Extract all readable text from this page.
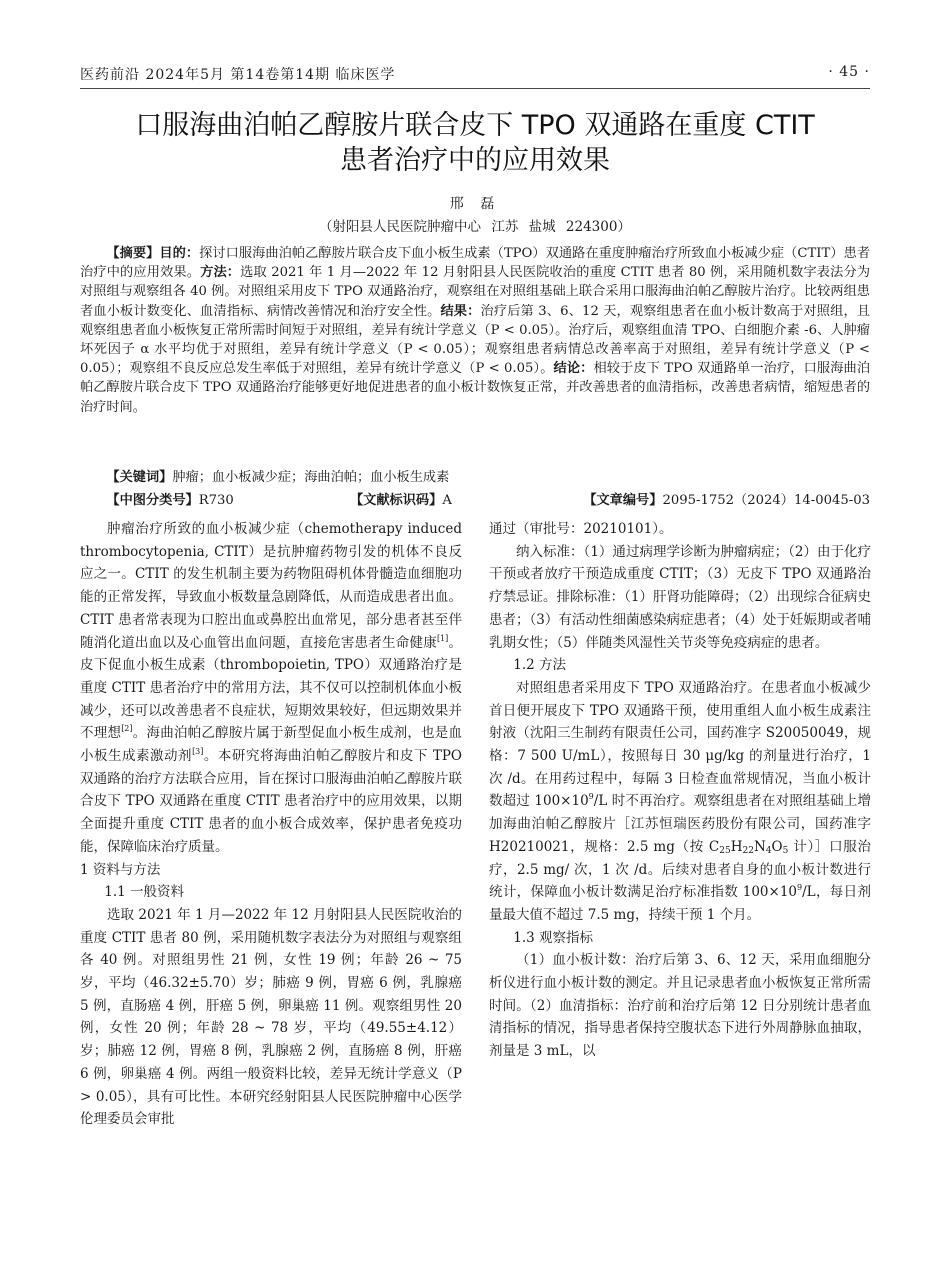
医药前沿 2024年5月 第14卷第14期 临床医学	· 45 ·
口服海曲泊帕乙醇胺片联合皮下 TPO 双通路在重度 CTIT
患者治疗中的应用效果
邢 磊
（射阳县人民医院肿瘤中心 江苏 盐城 224300）
【摘要】目的：探讨口服海曲泊帕乙醇胺片联合皮下血小板生成素（TPO）双通路在重度肿瘤治疗所致血小板减少症（CTIT）患者治疗中的应用效果。方法：选取 2021 年 1 月—2022 年 12 月射阳县人民医院收治的重度 CTIT 患者 80 例，采用随机数字表法分为对照组与观察组各 40 例。对照组采用皮下 TPO 双通路治疗，观察组在对照组基础上联合采用口服海曲泊帕乙醇胺片治疗。比较两组患者血小板计数变化、血清指标、病情改善情况和治疗安全性。结果：治疗后第 3、6、12 天，观察组患者在血小板计数高于对照组，且观察组患者血小板恢复正常所需时间短于对照组，差异有统计学意义（P < 0.05）。治疗后，观察组血清 TPO、白细胞介素 -6、人肿瘤坏死因子 α 水平均优于对照组，差异有统计学意义（P < 0.05）；观察组患者病情总改善率高于对照组，差异有统计学意义（P < 0.05）；观察组不良反应总发生率低于对照组，差异有统计学意义（P < 0.05）。结论：相较于皮下 TPO 双通路单一治疗，口服海曲泊帕乙醇胺片联合皮下 TPO 双通路治疗能够更好地促进患者的血小板计数恢复正常，并改善患者的血清指标，改善患者病情，缩短患者的治疗时间。
【关键词】肿瘤；血小板减少症；海曲泊帕；血小板生成素
【中图分类号】R730	【文献标识码】A	【文章编号】2095-1752（2024）14-0045-03

肿瘤治疗所致的血小板减少症（chemotherapy induced thrombocytopenia, CTIT）是抗肿瘤药物引发的机体不良反应之一。CTIT 的发生机制主要为药物阻碍机体骨髓造血细胞功能的正常发挥，导致血小板数量急剧降低，从而造成患者出血。CTIT 患者常表现为口腔出血或鼻腔出血常见，部分患者甚至伴随消化道出血以及心血管出血问题，直接危害患者生命健康[1]。皮下促血小板生成素（thrombopoietin, TPO）双通路治疗是重度 CTIT 患者治疗中的常用方法，其不仅可以控制机体血小板减少，还可以改善患者不良症状，短期效果较好，但远期效果并不理想[2]。海曲泊帕乙醇胺片属于新型促血小板生成剂，也是血小板生成素激动剂[3]。本研究将海曲泊帕乙醇胺片和皮下 TPO 双通路的治疗方法联合应用，旨在探讨口服海曲泊帕乙醇胺片联合皮下 TPO 双通路在重度 CTIT 患者治疗中的应用效果，以期全面提升重度 CTIT 患者的血小板合成效率，保护患者免疫功能，保障临床治疗质量。

1 资料与方法

1.1 一般资料

选取 2021 年 1 月—2022 年 12 月射阳县人民医院收治的重度 CTIT 患者 80 例，采用随机数字表法分为对照组与观察组各 40 例。对照组男性 21 例，女性 19 例；年龄 26 ~ 75 岁，平均（46.32±5.70）岁；肺癌 9 例，胃癌 6 例，乳腺癌 5 例，直肠癌 4 例，肝癌 5 例，卵巢癌 11 例。观察组男性 20 例，女性 20 例；年龄 28 ~ 78 岁，平均（49.55±4.12）岁；肺癌 12 例，胃癌 8 例，乳腺癌 2 例，直肠癌 8 例，肝癌 6 例，卵巢癌 4 例。两组一般资料比较，差异无统计学意义（P > 0.05），具有可比性。本研究经射阳县人民医院肿瘤中心医学伦理委员会审批

通过（审批号：20210101）。

纳入标准：（1）通过病理学诊断为肿瘤病症；（2）由于化疗干预或者放疗干预造成重度 CTIT；（3）无皮下 TPO 双通路治疗禁忌证。排除标准：（1）肝肾功能障碍；（2）出现综合征病史患者；（3）有活动性细菌感染病症患者；（4）处于妊娠期或者哺乳期女性；（5）伴随类风湿性关节炎等免疫病症的患者。

1.2 方法

对照组患者采用皮下 TPO 双通路治疗。在患者血小板减少首日便开展皮下 TPO 双通路干预，使用重组人血小板生成素注射液（沈阳三生制药有限责任公司，国药准字 S20050049，规格：7 500 U/mL），按照每日 30 μg/kg 的剂量进行治疗，1 次 /d。在用药过程中，每隔 3 日检查血常规情况，当血小板计数超过 $100\times 10^9/L$ 时不再治疗。观察组患者在对照组基础上增加海曲泊帕乙醇胺片［江苏恒瑞医药股份有限公司，国药准字 H20210021，规格：2.5 mg（按 $C_{25}H_{22}N_4O_5$ 计）］口服治疗，2.5 mg/ 次，1 次 /d。后续对患者自身的血小板计数进行统计，保障血小板计数满足治疗标准指数 $100\times 10^9/L$，每日剂量最大值不超过 7.5 mg，持续干预 1 个月。

1.3 观察指标

（1）血小板计数：治疗后第 3、6、12 天，采用血细胞分析仪进行血小板计数的测定。并且记录患者血小板恢复正常所需时间。（2）血清指标：治疗前和治疗后第 12 日分别统计患者血清指标的情况，指导患者保持空腹状态下进行外周静脉血抽取，剂量是 3 mL，以
